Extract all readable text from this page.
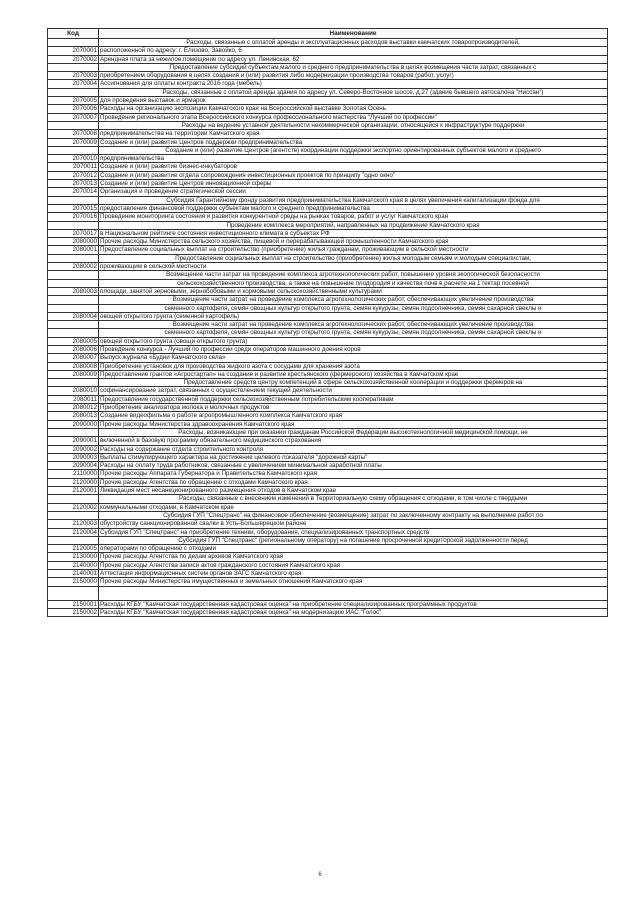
Код	Наименование
	Расходы, связанные с оплатой аренды и эксплуатационных расходов выставки камчатских товаропроизводителей,
2070001	расположенной по адресу: г. Елизово, Завойко, 6
2070002	Арендная плата за нежилое помещение по адресу ул. Ленинская, 62
	Предоставление субсидий субъектам малого и среднего предпринимательства в целях возмещения части затрат, связанных с
2070003	приобретением оборудования в целях создания и (или) развития либо модернизации производства товаров (работ, услуг)
2070004	Ассигнования для оплаты контракта 2016 года (мебель)
	Расходы, связанные с оплатой аренды здания по адресу ул. Северо-Восточное шоссе, д.27 (здание бывшего автосалона "Ниссан")
2070005	для проведения выставок и ярмарок
2070006	Расходы на организацию экспозиции Камчатского края на Всероссийской выставке Золотая Осень
2070007	Проведение регионального этапа Всероссийского конкурса профессионального мастерства "Лучший по профессии"
	Расходы на ведение уставной деятельности некоммерческой организации, относящейся к инфраструктуре поддержки
2070008	предпринимательства на территории Камчатского края
2070009	Создание и (или) развитие Центров поддержки предпринимательства
	Создание и (или) развитие Центров (агентств) координации поддержки экспортно ориентированных субъектов малого и среднего
2070010	предпринимательства
2070011	Создание и (или) развитие бизнес-инкубаторов
2070012	Создание и (или) развитие отдела сопровождения инвестиционных проектов по принципу "одно окно"
2070013	Создание и (или) развитие Центров инновационной сферы
2070014	Организация и проведение стратегической сессии
	Субсидия Гарантийному фонду развития предпринимательства Камчатского края в целях увеличения капитализации фонда для
2070015	предоставления финансовой поддержки субъектам малого и среднего предпринимательства
2070016	Проведение мониторинга состояния и развития конкурентной среды на рынках товаров, работ и услуг Камчатского края
	Проведение комплекса мероприятий, направленных на продвижение Камчатского края
2070017	в Национальном рейтинге состояния инвестиционного климата в субъектах РФ
2080000	Прочие расходы Министерства сельского хозяйства, пищевой и перерабатывающей промышленности Камчатского края
2080001	Предоставление социальных выплат на строительство (приобретение) жилья гражданам, проживающим в сельской местности
	Предоставление социальных выплат на строительство (приобретение) жилья молодым семьям и молодым специалистам,
2080002	проживающим в сельской местности
	Возмещение части затрат на проведение комплекса агротехнологических работ, повышение уровня экологической безопасности
	сельскохозяйственного производства, а также на повышение плодородия и качества почв в расчете на 1 гектар посевной
2080003	площади, занятой зерновыми, зернобобовыми и кормовыми сельскохозяйственными культурами
	Возмещение части затрат на проведение комплекса агротехнологических работ, обеспечивающих увеличение производства
	семенного картофеля, семян овощных культур открытого грунта, семян кукурузы, семян подсолнечника, семян сахарной свеклы и
2080004	овощей открытого грунта (семенной картофель)
	Возмещение части затрат на проведение комплекса агротехнологических работ, обеспечивающих увеличение производства
	семенного картофеля, семян овощных культур открытого грунта, семян кукурузы, семян подсолнечника, семян сахарной свеклы и
2080005	овощей открытого грунта (овощи открытого грунта)
2080006	Проведение конкурса - Лучший по профессии среди операторов машинного доения коров
2080007	Выпуск журнала «Будни Камчатского села»
2080008	Приобретение установок для производства жидкого азота с сосудами для хранения азота
2080009	Предоставление грантов «Агростартап» на создание и развитие крестьянского (фермерского) хозяйства в Камчатском крае
	Предоставление средств центру компетенций в сфере сельскохозяйственной кооперации и поддержки фермеров на
2080010	софинансирование затрат, связанных с осуществлением текущей деятельности
2080011	Предоставление государственной поддержки сельскохозяйственным потребительским кооперативам
2080012	Приобретение анализатора молока и молочных продуктов
2080013	Создание видеофильма о работе агропромышленного комплекса Камчатского края
2090000	Прочие расходы Министерства здравоохранения Камчатского края
	Расходы, возникающие при оказании гражданам Российской Федерации высокотехнологичной медицинской помощи, не
2090001	включенной в базовую программу обязательного медицинского страхования
2090002	Расходы на содержание отдела строительного контроля
2090003	Выплаты стимулирующего характера на достижение целевого показателя "дорожной карты"
2090004	Расходы на оплату труда работников, связанные с увеличением минимальной заработной платы
2110000	Прочие расходы Аппарата Губернатора и Правительства Камчатского края
2120000	Прочие расходы Агентства по обращению с отходами Камчатского края
2120001	Ликвидация мест несанкционированного размещения отходов в Камчатском крае
	Расходы, связанные с внесением изменений в Территориальную схему обращения с отходами, в том числе с твердыми
2120002	коммунальными отходами, в Камчатском крае
	Субсидия ГУП "Спецтранс" на финансовое обеспечение (возмещение) затрат по заключенному контракту на выполнение работ по
2120003	обустройству санкционированной свалки в Усть-Большерецком районе
2120004	Субсидия ГУП "Спецтранс" на приобретение техники, оборудования, специализированных транспортных средств
	Субсидия ГУП "Спецтранс" (региональному оператору) на погашение просроченной кредиторской задолженности перед
2120005	операторами по обращению с отходами
2130000	Прочие расходы Агентства по делам архивов Камчатского края
2140000	Прочие расходы Агентства записи актов гражданского состояния Камчатского края
2140001	Аттестация информационных систем органов ЗАГС Камчатского края
2150000	Прочие расходы Министерства имущественных и земельных отношений Камчатского края

2150001	Расходы КГБУ "Камчатская государственная кадастровая оценка" на приобретение специализированных программных продуктов
2150002	Расходы КГБУ "Камчатская государственная кадастровая оценка" на модернизацию ИАС "Голос"
6
